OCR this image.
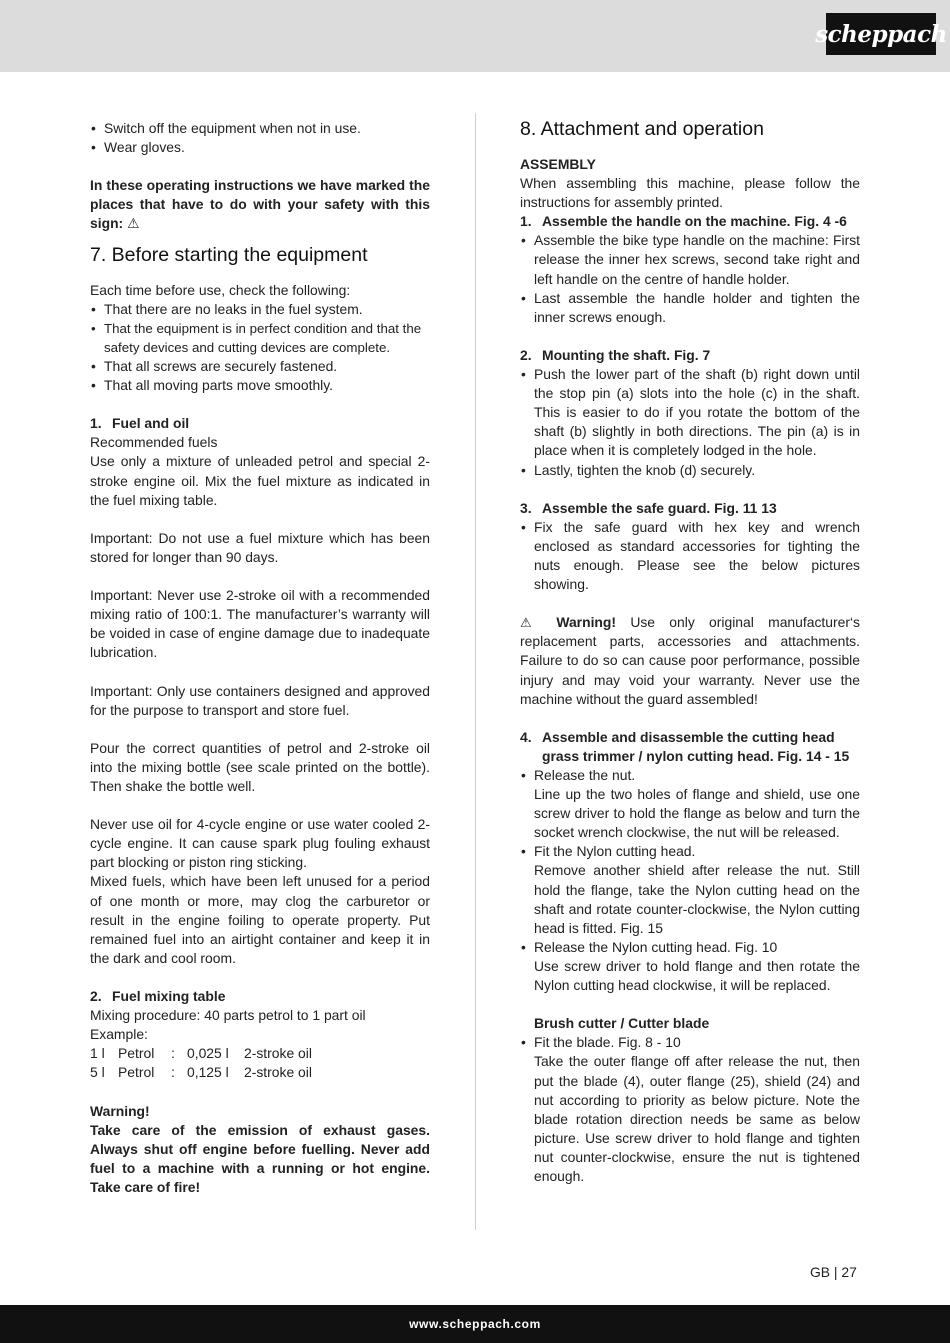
scheppach
• Switch off the equipment when not in use.
• Wear gloves.

In these operating instructions we have marked the places that have to do with your safety with this sign: ⚠

7. Before starting the equipment

Each time before use, check the following:

• That there are no leaks in the fuel system.
• That the equipment is in perfect condition and that the safety devices and cutting devices are complete.
• That all screws are securely fastened.
• That all moving parts move smoothly.
1. Fuel and oil

Recommended fuels

Use only a mixture of unleaded petrol and special 2-stroke engine oil. Mix the fuel mixture as indicated in the fuel mixing table.

Important: Do not use a fuel mixture which has been stored for longer than 90 days.

Important: Never use 2-stroke oil with a recommended mixing ratio of 100:1. The manufacturer’s warranty will be voided in case of engine damage due to inadequate lubrication.

Important: Only use containers designed and approved for the purpose to transport and store fuel.

Pour the correct quantities of petrol and 2-stroke oil into the mixing bottle (see scale printed on the bottle). Then shake the bottle well.

Never use oil for 4-cycle engine or use water cooled 2-cycle engine. It can cause spark plug fouling exhaust part blocking or piston ring sticking.

Mixed fuels, which have been left unused for a period of one month or more, may clog the carburetor or result in the engine foiling to operate property. Put remained fuel into an airtight container and keep it in the dark and cool room.

2. Fuel mixing table

Mixing procedure: 40 parts petrol to 1 part oil

Example:

1 l	Petrol	:	0,025 l	2-stroke oil
5 l	Petrol	:	0,125 l	2-stroke oil

Warning!

Take care of the emission of exhaust gases. Always shut off engine before fuelling. Never add fuel to a machine with a running or hot engine. Take care of fire!

8. Attachment and operation

ASSEMBLY

When assembling this machine, please follow the instructions for assembly printed.

1. Assemble the handle on the machine. Fig. 4 -6
• Assemble the bike type handle on the machine: First release the inner hex screws, second take right and left handle on the centre of handle holder.
• Last assemble the handle holder and tighten the inner screws enough.
2. Mounting the shaft. Fig. 7
• Push the lower part of the shaft (b) right down until the stop pin (a) slots into the hole (c) in the shaft. This is easier to do if you rotate the bottom of the shaft (b) slightly in both directions. The pin (a) is in place when it is completely lodged in the hole.
• Lastly, tighten the knob (d) securely.
3. Assemble the safe guard. Fig. 11 13
• Fix the safe guard with hex key and wrench enclosed as standard accessories for tighting the nuts enough. Please see the below pictures showing.

⚠ Warning! Use only original manufacturer‘s replacement parts, accessories and attachments. Failure to do so can cause poor performance, possible injury and may void your warranty. Never use the machine without the guard assembled!

4. Assemble and disassemble the cutting head grass trimmer / nylon cutting head. Fig. 14 - 15
• Release the nut.
Line up the two holes of flange and shield, use one screw driver to hold the flange as below and turn the socket wrench clockwise, the nut will be released.
• Fit the Nylon cutting head.
Remove another shield after release the nut. Still hold the flange, take the Nylon cutting head on the shaft and rotate counter-clockwise, the Nylon cutting head is fitted. Fig. 15
• Release the Nylon cutting head. Fig. 10
Use screw driver to hold flange and then rotate the Nylon cutting head clockwise, it will be replaced.

Brush cutter / Cutter blade

• Fit the blade. Fig. 8 - 10
Take the outer flange off after release the nut, then put the blade (4), outer flange (25), shield (24) and nut according to priority as below picture. Note the blade rotation direction needs be same as below picture. Use screw driver to hold flange and tighten nut counter-clockwise, ensure the nut is tightened enough.
GB | 27
www.scheppach.com
